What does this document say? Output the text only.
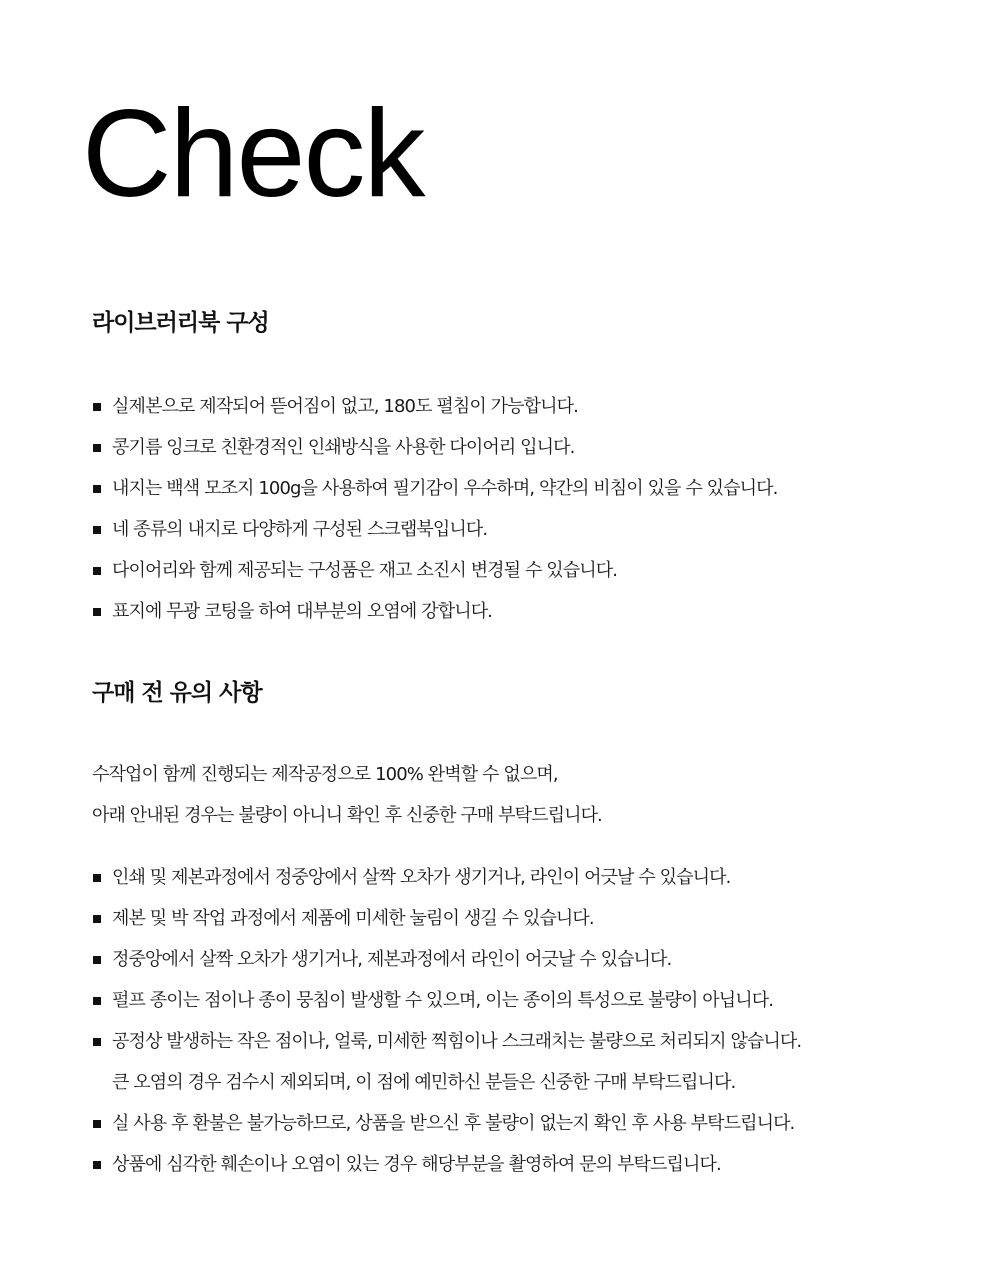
Check
라이브러리북 구성
실제본으로 제작되어 뜯어짐이 없고, 180도 펼침이 가능합니다.
콩기름 잉크로 친환경적인 인쇄방식을 사용한 다이어리 입니다.
내지는 백색 모조지 100g을 사용하여 필기감이 우수하며, 약간의 비침이 있을 수 있습니다.
네 종류의 내지로 다양하게 구성된 스크랩북입니다.
다이어리와 함께 제공되는 구성품은 재고 소진시 변경될 수 있습니다.
표지에 무광 코팅을 하여 대부분의 오염에 강합니다.
구매 전 유의 사항

수작업이 함께 진행되는 제작공정으로 100% 완벽할 수 없으며,

아래 안내된 경우는 불량이 아니니 확인 후 신중한 구매 부탁드립니다.

인쇄 및 제본과정에서 정중앙에서 살짝 오차가 생기거나, 라인이 어긋날 수 있습니다.
제본 및 박 작업 과정에서 제품에 미세한 눌림이 생길 수 있습니다.
정중앙에서 살짝 오차가 생기거나, 제본과정에서 라인이 어긋날 수 있습니다.
펄프 종이는 점이나 종이 뭉침이 발생할 수 있으며, 이는 종이의 특성으로 불량이 아닙니다.
공정상 발생하는 작은 점이나, 얼룩, 미세한 찍힘이나 스크래치는 불량으로 처리되지 않습니다.
큰 오염의 경우 검수시 제외되며, 이 점에 예민하신 분들은 신중한 구매 부탁드립니다.
실 사용 후 환불은 불가능하므로, 상품을 받으신 후 불량이 없는지 확인 후 사용 부탁드립니다.
상품에 심각한 훼손이나 오염이 있는 경우 해당부분을 촬영하여 문의 부탁드립니다.
